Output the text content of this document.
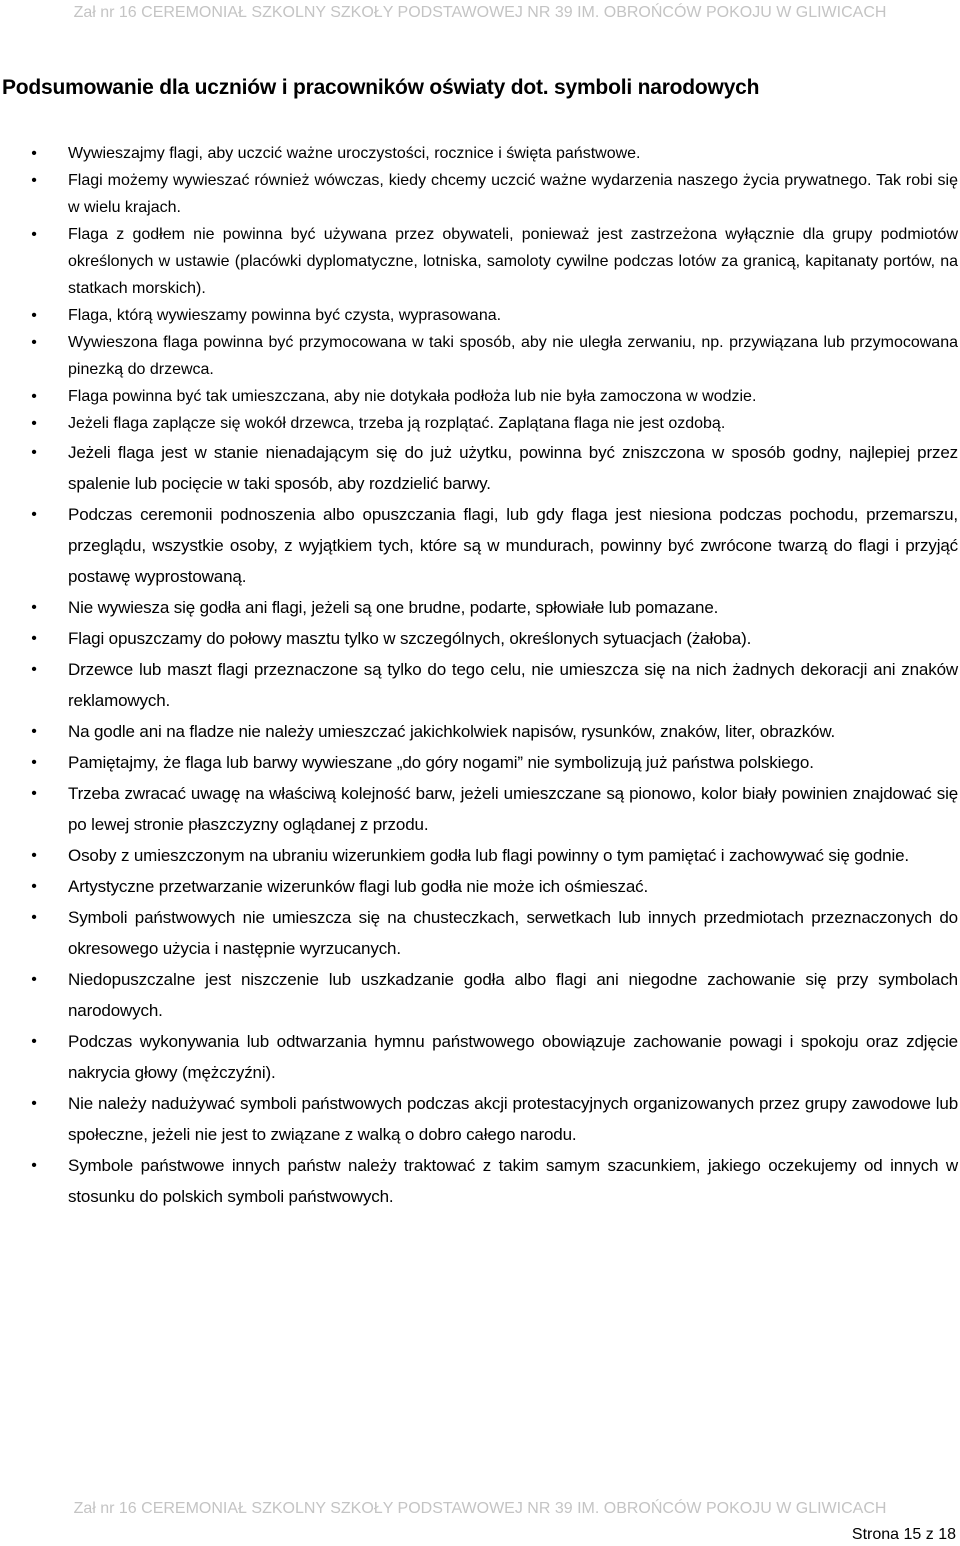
Zał nr 16 CEREMONIAŁ SZKOLNY SZKOŁY PODSTAWOWEJ NR 39 IM. OBROŃCÓW POKOJU W GLIWICACH
Podsumowanie dla uczniów i pracowników oświaty dot. symboli narodowych
• Wywieszajmy flagi, aby uczcić ważne uroczystości, rocznice i święta państwowe.
• Flagi możemy wywieszać również wówczas, kiedy chcemy uczcić ważne wydarzenia naszego życia prywatnego. Tak robi się w wielu krajach.
• Flaga z godłem nie powinna być używana przez obywateli, ponieważ jest zastrzeżona wyłącznie dla grupy podmiotów określonych w ustawie (placówki dyplomatyczne, lotniska, samoloty cywilne podczas lotów za granicą, kapitanaty portów, na statkach morskich).
• Flaga, którą wywieszamy powinna być czysta, wyprasowana.
• Wywieszona flaga powinna być przymocowana w taki sposób, aby nie uległa zerwaniu, np. przywiązana lub przymocowana pinezką do drzewca.
• Flaga powinna być tak umieszczana, aby nie dotykała podłoża lub nie była zamoczona w wodzie.
• Jeżeli flaga zaplącze się wokół drzewca, trzeba ją rozplątać. Zaplątana flaga nie jest ozdobą.
• Jeżeli flaga jest w stanie nienadającym się do już użytku, powinna być zniszczona w sposób godny, najlepiej przez spalenie lub pocięcie w taki sposób, aby rozdzielić barwy.
• Podczas ceremonii podnoszenia albo opuszczania flagi, lub gdy flaga jest niesiona podczas pochodu, przemarszu, przeglądu, wszystkie osoby, z wyjątkiem tych, które są w mundurach, powinny być zwrócone twarzą do flagi i przyjąć postawę wyprostowaną.
• Nie wywiesza się godła ani flagi, jeżeli są one brudne, podarte, spłowiałe lub pomazane.
• Flagi opuszczamy do połowy masztu tylko w szczególnych, określonych sytuacjach (żałoba).
• Drzewce lub maszt flagi przeznaczone są tylko do tego celu, nie umieszcza się na nich żadnych dekoracji ani znaków reklamowych.
• Na godle ani na fladze nie należy umieszczać jakichkolwiek napisów, rysunków, znaków, liter, obrazków.
• Pamiętajmy, że flaga lub barwy wywieszane „do góry nogami” nie symbolizują już państwa polskiego.
• Trzeba zwracać uwagę na właściwą kolejność barw, jeżeli umieszczane są pionowo, kolor biały powinien znajdować się po lewej stronie płaszczyzny oglądanej z przodu.
• Osoby z umieszczonym na ubraniu wizerunkiem godła lub flagi powinny o tym pamiętać i zachowywać się godnie.
• Artystyczne przetwarzanie wizerunków flagi lub godła nie może ich ośmieszać.
• Symboli państwowych nie umieszcza się na chusteczkach, serwetkach lub innych przedmiotach przeznaczonych do okresowego użycia i następnie wyrzucanych.
• Niedopuszczalne jest niszczenie lub uszkadzanie godła albo flagi ani niegodne zachowanie się przy symbolach narodowych.
• Podczas wykonywania lub odtwarzania hymnu państwowego obowiązuje zachowanie powagi i spokoju oraz zdjęcie nakrycia głowy (mężczyźni).
• Nie należy nadużywać symboli państwowych podczas akcji protestacyjnych organizowanych przez grupy zawodowe lub społeczne, jeżeli nie jest to związane z walką o dobro całego narodu.
• Symbole państwowe innych państw należy traktować z takim samym szacunkiem, jakiego oczekujemy od innych w stosunku do polskich symboli państwowych.
Zał nr 16 CEREMONIAŁ SZKOLNY SZKOŁY PODSTAWOWEJ NR 39 IM. OBROŃCÓW POKOJU W GLIWICACH
Strona 15 z 18
